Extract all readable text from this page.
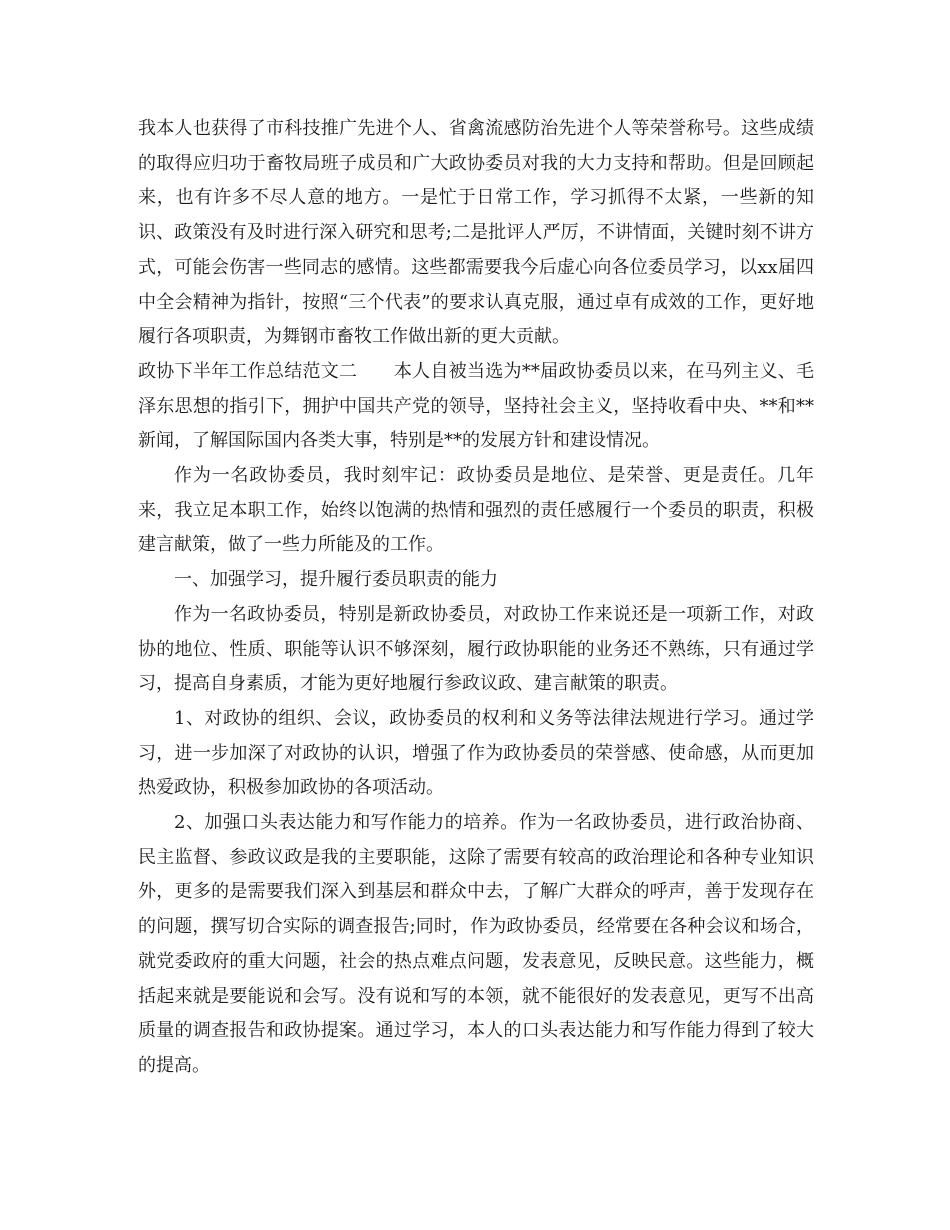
我本人也获得了市科技推广先进个人、省禽流感防治先进个人等荣誉称号。这些成绩的取得应归功于畜牧局班子成员和广大政协委员对我的大力支持和帮助。但是回顾起来，也有许多不尽人意的地方。一是忙于日常工作，学习抓得不太紧，一些新的知识、政策没有及时进行深入研究和思考;二是批评人严厉，不讲情面，关键时刻不讲方式，可能会伤害一些同志的感情。这些都需要我今后虚心向各位委员学习，以xx届四中全会精神为指针，按照“三个代表”的要求认真克服，通过卓有成效的工作，更好地履行各项职责，为舞钢市畜牧工作做出新的更大贡献。

政协下半年工作总结范文二　　本人自被当选为**届政协委员以来，在马列主义、毛泽东思想的指引下，拥护中国共产党的领导，坚持社会主义，坚持收看中央、**和**新闻，了解国际国内各类大事，特别是**的发展方针和建设情况。

作为一名政协委员，我时刻牢记：政协委员是地位、是荣誉、更是责任。几年来，我立足本职工作，始终以饱满的热情和强烈的责任感履行一个委员的职责，积极建言献策，做了一些力所能及的工作。

一、加强学习，提升履行委员职责的能力

作为一名政协委员，特别是新政协委员，对政协工作来说还是一项新工作，对政协的地位、性质、职能等认识不够深刻，履行政协职能的业务还不熟练，只有通过学习，提高自身素质，才能为更好地履行参政议政、建言献策的职责。

1、对政协的组织、会议，政协委员的权利和义务等法律法规进行学习。通过学习，进一步加深了对政协的认识，增强了作为政协委员的荣誉感、使命感，从而更加热爱政协，积极参加政协的各项活动。

2、加强口头表达能力和写作能力的培养。作为一名政协委员，进行政治协商、民主监督、参政议政是我的主要职能，这除了需要有较高的政治理论和各种专业知识外，更多的是需要我们深入到基层和群众中去，了解广大群众的呼声，善于发现存在的问题，撰写切合实际的调查报告;同时，作为政协委员，经常要在各种会议和场合，就党委政府的重大问题，社会的热点难点问题，发表意见，反映民意。这些能力，概括起来就是要能说和会写。没有说和写的本领，就不能很好的发表意见，更写不出高质量的调查报告和政协提案。通过学习，本人的口头表达能力和写作能力得到了较大的提高。
